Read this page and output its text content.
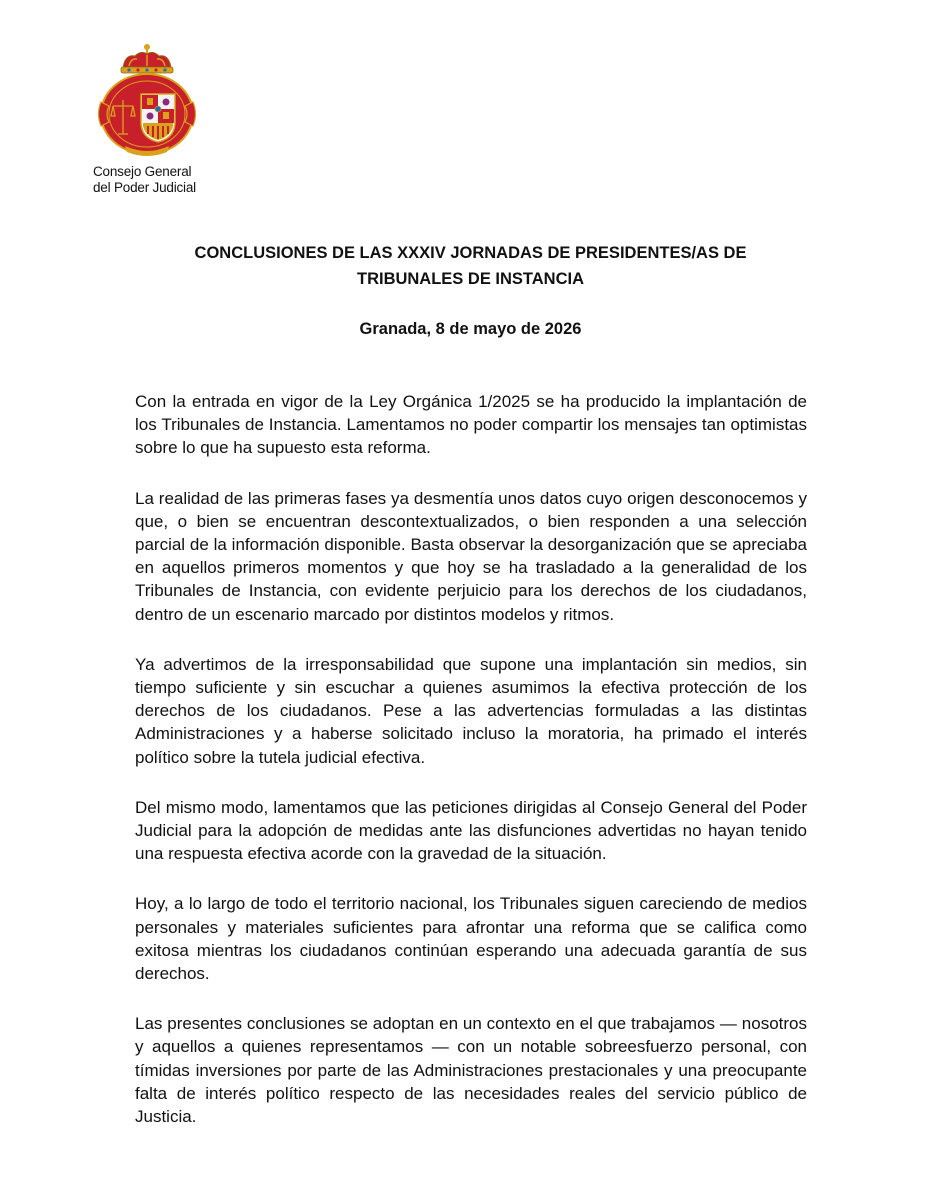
Consejo General
del Poder Judicial
CONCLUSIONES DE LAS XXXIV JORNADAS DE PRESIDENTES/AS DE
TRIBUNALES DE INSTANCIA
Granada, 8 de mayo de 2026

Con la entrada en vigor de la Ley Orgánica 1/2025 se ha producido la implantación de los Tribunales de Instancia. Lamentamos no poder compartir los mensajes tan optimistas sobre lo que ha supuesto esta reforma.

La realidad de las primeras fases ya desmentía unos datos cuyo origen desconocemos y que, o bien se encuentran descontextualizados, o bien responden a una selección parcial de la información disponible. Basta observar la desorganización que se apreciaba en aquellos primeros momentos y que hoy se ha trasladado a la generalidad de los Tribunales de Instancia, con evidente perjuicio para los derechos de los ciudadanos, dentro de un escenario marcado por distintos modelos y ritmos.

Ya advertimos de la irresponsabilidad que supone una implantación sin medios, sin tiempo suficiente y sin escuchar a quienes asumimos la efectiva protección de los derechos de los ciudadanos. Pese a las advertencias formuladas a las distintas Administraciones y a haberse solicitado incluso la moratoria, ha primado el interés político sobre la tutela judicial efectiva.

Del mismo modo, lamentamos que las peticiones dirigidas al Consejo General del Poder Judicial para la adopción de medidas ante las disfunciones advertidas no hayan tenido una respuesta efectiva acorde con la gravedad de la situación.

Hoy, a lo largo de todo el territorio nacional, los Tribunales siguen careciendo de medios personales y materiales suficientes para afrontar una reforma que se califica como exitosa mientras los ciudadanos continúan esperando una adecuada garantía de sus derechos.

Las presentes conclusiones se adoptan en un contexto en el que trabajamos — nosotros y aquellos a quienes representamos — con un notable sobreesfuerzo personal, con tímidas inversiones por parte de las Administraciones prestacionales y una preocupante falta de interés político respecto de las necesidades reales del servicio público de Justicia.
